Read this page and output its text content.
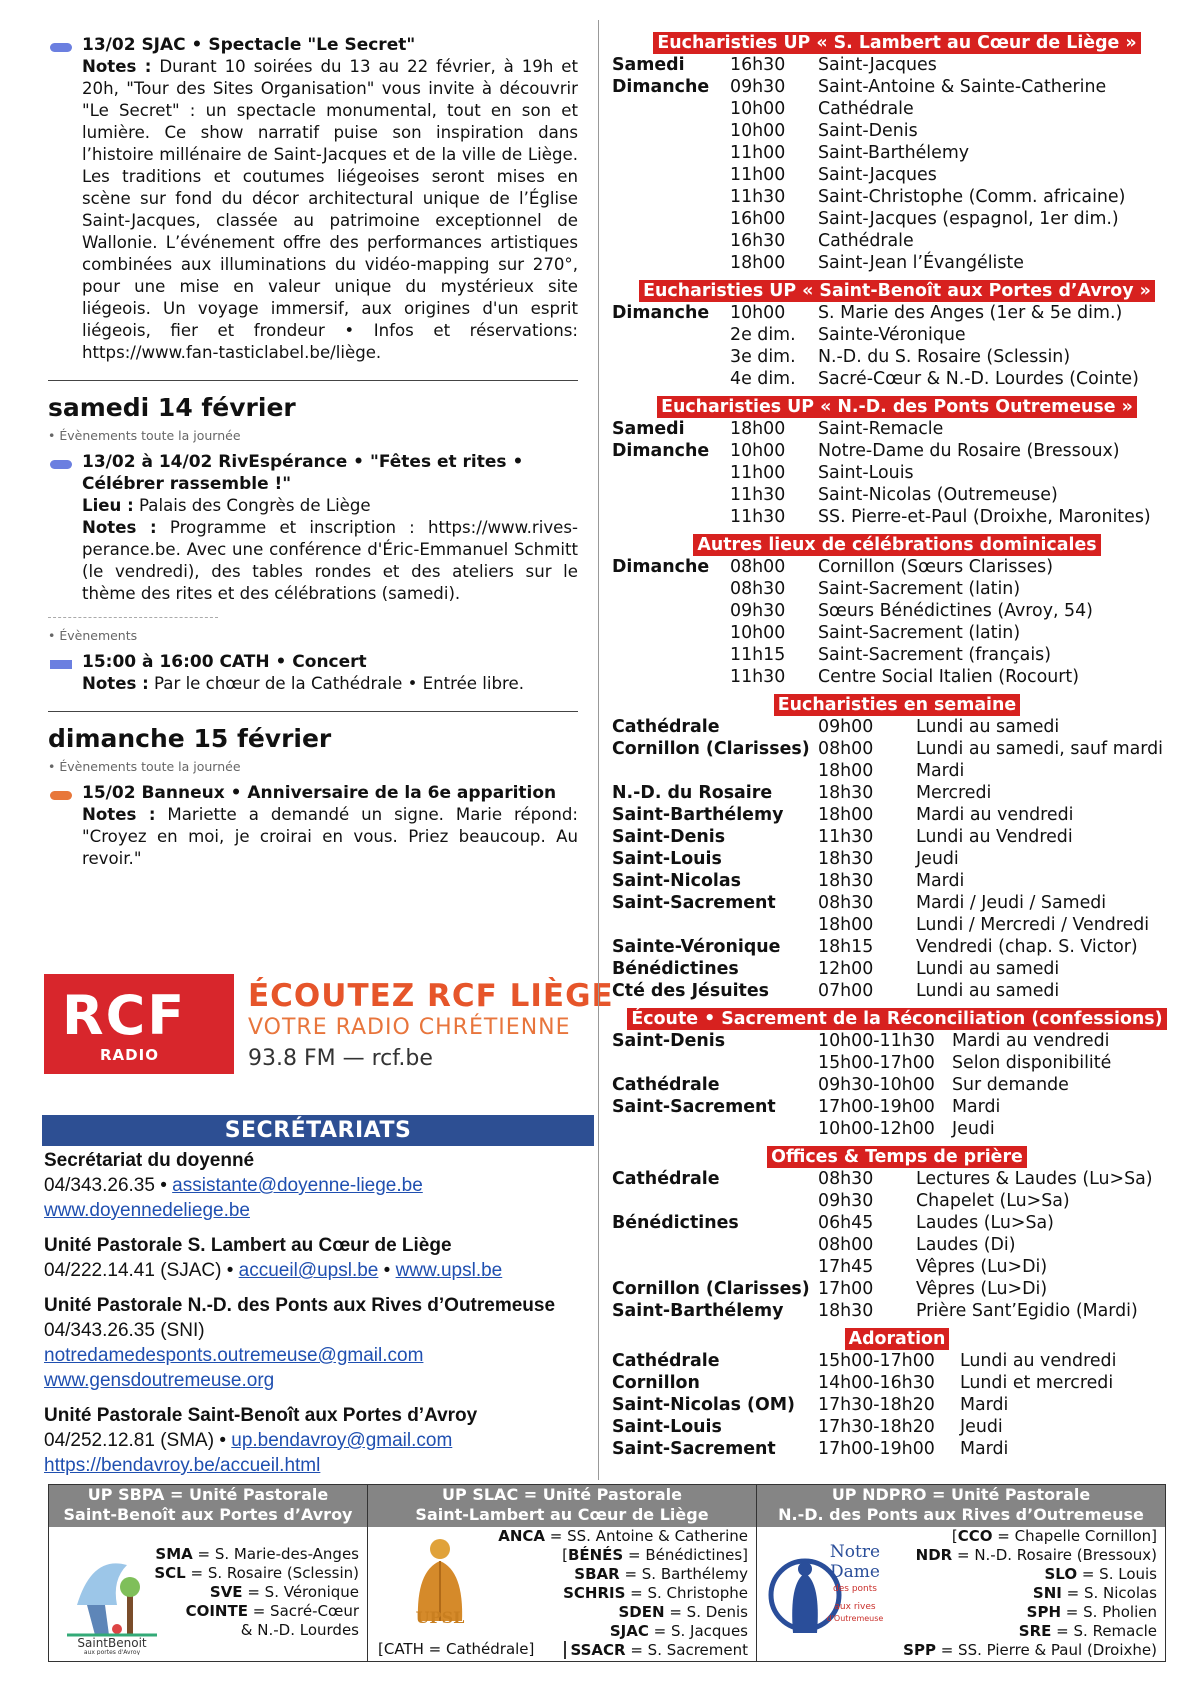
13/02 SJAC • Spectacle "Le Secret"
Notes : Durant 10 soirées du 13 au 22 février, à 19h et 20h, "Tour des Sites Organisation" vous invite à découvrir "Le Secret" : un spectacle monumental, tout en son et lumière. Ce show narratif puise son inspiration dans l’histoire millénaire de Saint-Jacques et de la ville de Liège. Les traditions et coutumes liégeoises seront mises en scène sur fond du décor architectural unique de l’Église Saint-Jacques, classée au patrimoine exceptionnel de Wallonie. L’événement offre des performances artistiques combinées aux illuminations du vidéo-mapping sur 270°, pour une mise en valeur unique du mystérieux site liégeois. Un voyage immersif, aux origines d'un esprit liégeois, fier et frondeur • Infos et réservations: https://www.fan-tasticlabel.be/liège.
samedi 14 février
• Évènements toute la journée
13/02 à 14/02 RivEspérance • "Fêtes et rites • Célébrer rassemble !"
Lieu : Palais des Congrès de Liège
Notes : Programme et inscription : https://www.rives-perance.be. Avec une conférence d'Éric-Emmanuel Schmitt (le vendredi), des tables rondes et des ateliers sur le thème des rites et des célébrations (samedi).
• Évènements
15:00 à 16:00 CATH • Concert
Notes : Par le chœur de la Cathédrale • Entrée libre.
dimanche 15 février
• Évènements toute la journée
15/02 Banneux • Anniversaire de la 6e apparition
Notes : Mariette a demandé un signe. Marie répond: "Croyez en moi, je croirai en vous. Priez beaucoup. Au revoir."
RCF
RADIO
ÉCOUTEZ RCF LIÈGE
VOTRE RADIO CHRÉTIENNE
93.8 FM — rcf.be
SECRÉTARIATS
Secrétariat du doyenné
04/343.26.35 • assistante@doyenne-liege.be
www.doyennedeliege.be
Unité Pastorale S. Lambert au Cœur de Liège
04/222.14.41 (SJAC) • accueil@upsl.be • www.upsl.be
Unité Pastorale N.-D. des Ponts aux Rives d’Outremeuse
04/343.26.35 (SNI)
notredamedesponts.outremeuse@gmail.com
www.gensdoutremeuse.org
Unité Pastorale Saint-Benoît aux Portes d’Avroy
04/252.12.81 (SMA) • up.bendavroy@gmail.com
https://bendavroy.be/accueil.html
Eucharisties UP « S. Lambert au Cœur de Liège »
Samedi	16h30	Saint-Jacques
Dimanche	09h30	Saint-Antoine & Sainte-Catherine
10h00	Cathédrale
10h00	Saint-Denis
11h00	Saint-Barthélemy
11h00	Saint-Jacques
11h30	Saint-Christophe (Comm. africaine)
16h00	Saint-Jacques (espagnol, 1er dim.)
16h30	Cathédrale
18h00	Saint-Jean l’Évangéliste
Eucharisties UP « Saint-Benoît aux Portes d’Avroy »
Dimanche	10h00	S. Marie des Anges (1er & 5e dim.)
2e dim.	Sainte-Véronique
3e dim.	N.-D. du S. Rosaire (Sclessin)
4e dim.	Sacré-Cœur & N.-D. Lourdes (Cointe)
Eucharisties UP « N.-D. des Ponts Outremeuse »
Samedi	18h00	Saint-Remacle
Dimanche	10h00	Notre-Dame du Rosaire (Bressoux)
11h00	Saint-Louis
11h30	Saint-Nicolas (Outremeuse)
11h30	SS. Pierre-et-Paul (Droixhe, Maronites)
Autres lieux de célébrations dominicales
Dimanche	08h00	Cornillon (Sœurs Clarisses)
08h30	Saint-Sacrement (latin)
09h30	Sœurs Bénédictines (Avroy, 54)
10h00	Saint-Sacrement (latin)
11h15	Saint-Sacrement (français)
11h30	Centre Social Italien (Rocourt)
Eucharisties en semaine
Cathédrale	09h00	Lundi au samedi
Cornillon (Clarisses) 08h00	Lundi au samedi, sauf mardi
18h00	Mardi
N.-D. du Rosaire	18h30	Mercredi
Saint-Barthélemy	18h00	Mardi au vendredi
Saint-Denis	11h30	Lundi au Vendredi
Saint-Louis	18h30	Jeudi
Saint-Nicolas	18h30	Mardi
Saint-Sacrement	08h30	Mardi / Jeudi / Samedi
18h00	Lundi / Mercredi / Vendredi
Sainte-Véronique	18h15	Vendredi (chap. S. Victor)
Bénédictines	12h00	Lundi au samedi
Cté des Jésuites	07h00	Lundi au samedi
Écoute • Sacrement de la Réconciliation (confessions)
Saint-Denis	10h00-11h30 Mardi au vendredi
15h00-17h00 Selon disponibilité
Cathédrale	09h30-10h00 Sur demande
Saint-Sacrement	17h00-19h00 Mardi
10h00-12h00 Jeudi
Offices & Temps de prière
Cathédrale	08h30	Lectures & Laudes (Lu>Sa)
09h30	Chapelet (Lu>Sa)
Bénédictines	06h45	Laudes (Lu>Sa)
08h00	Laudes (Di)
17h45	Vêpres (Lu>Di)
Cornillon (Clarisses) 17h00	Vêpres (Lu>Di)
Saint-Barthélemy	18h30	Prière Sant’Egidio (Mardi)
Adoration
Cathédrale	15h00-17h00	Lundi au vendredi
Cornillon	14h00-16h30	Lundi et mercredi
Saint-Nicolas (OM)	17h30-18h20	Mardi
Saint-Louis	17h30-18h20	Jeudi
Saint-Sacrement	17h00-19h00	Mardi
UP SBPA = Unité Pastorale
Saint-Benoît aux Portes d’Avroy
SaintBenoit
aux portes d'Avroy
SMA = S. Marie-des-Anges
SCL = S. Rosaire (Sclessin)
SVE = S. Véronique
COINTE = Sacré-Cœur
& N.-D. Lourdes
UP SLAC = Unité Pastorale
Saint-Lambert au Cœur de Liège
UPSL
ANCA = SS. Antoine & Catherine
[BÉNÉS = Bénédictines]
SBAR = S. Barthélemy
SCHRIS = S. Christophe
SDEN = S. Denis
SJAC = S. Jacques
SSACR = S. Sacrement
[CATH = Cathédrale]
UP NDPRO = Unité Pastorale
N.-D. des Ponts aux Rives d’Outremeuse
Notre
Dame
des ponts
aux rives
d'Outremeuse
[CCO = Chapelle Cornillon]
NDR = N.-D. Rosaire (Bressoux)
SLO = S. Louis
SNI = S. Nicolas
SPH = S. Pholien
SRE = S. Remacle
SPP = SS. Pierre & Paul (Droixhe)
